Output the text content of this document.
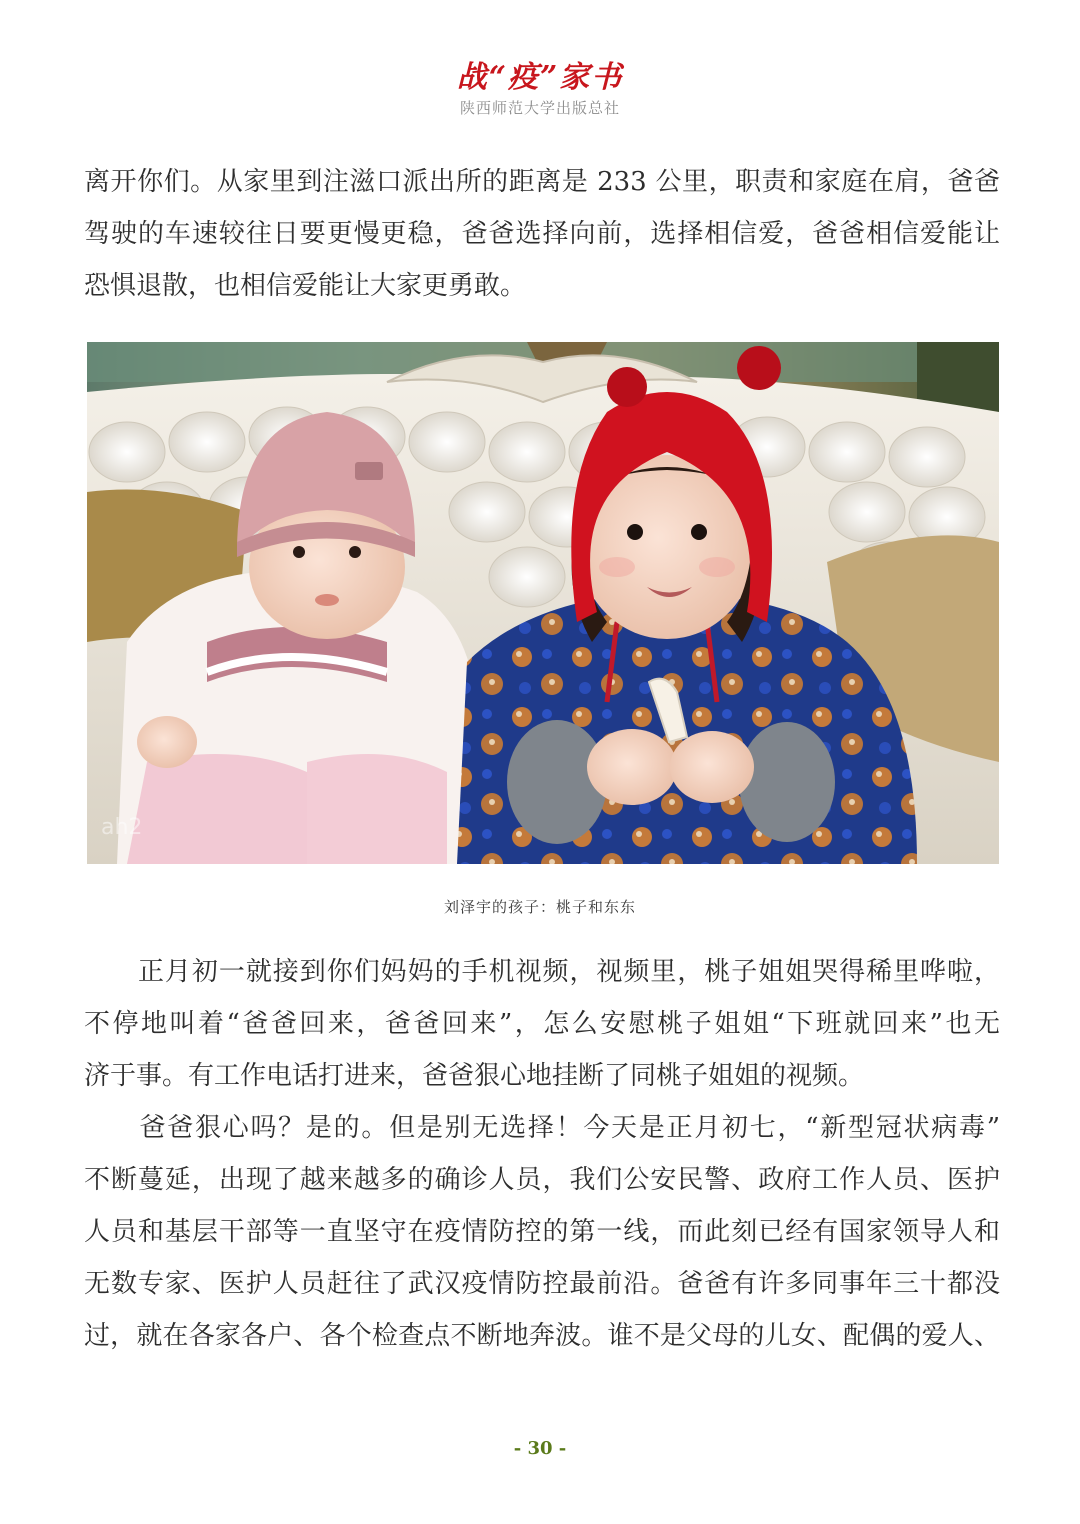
战“疫”家书
陕西师范大学出版总社
离开你们。从家里到注滋口派出所的距离是 233 公里，职责和家庭在肩，爸爸
驾驶的车速较往日要更慢更稳，爸爸选择向前，选择相信爱，爸爸相信爱能让
恐惧退散，也相信爱能让大家更勇敢。
ah2
刘泽宇的孩子：桃子和东东
　　正月初一就接到你们妈妈的手机视频，视频里，桃子姐姐哭得稀里哗啦，
不停地叫着“爸爸回来，爸爸回来”，怎么安慰桃子姐姐“下班就回来”也无
济于事。有工作电话打进来，爸爸狠心地挂断了同桃子姐姐的视频。
　　爸爸狠心吗？是的。但是别无选择！今天是正月初七，“新型冠状病毒”
不断蔓延，出现了越来越多的确诊人员，我们公安民警、政府工作人员、医护
人员和基层干部等一直坚守在疫情防控的第一线，而此刻已经有国家领导人和
无数专家、医护人员赶往了武汉疫情防控最前沿。爸爸有许多同事年三十都没
过，就在各家各户、各个检查点不断地奔波。谁不是父母的儿女、配偶的爱人、
- 30 -
